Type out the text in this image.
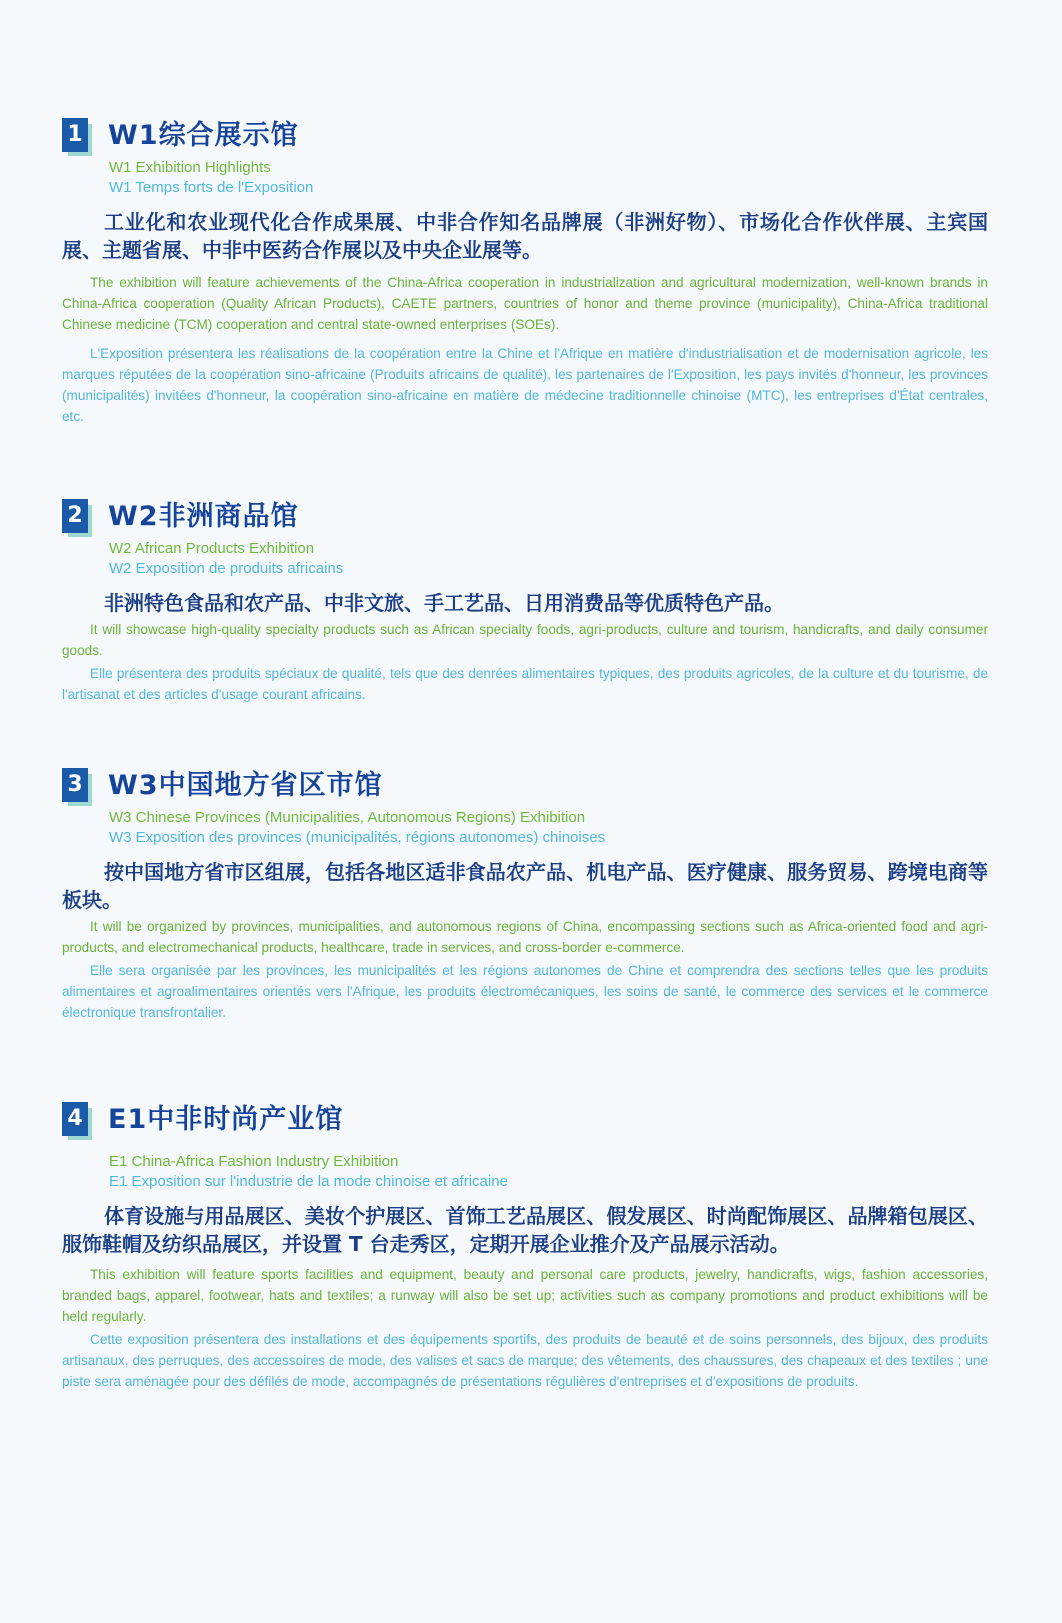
1 W1综合展示馆
W1 Exhibition Highlights
W1 Temps forts de l'Exposition
工业化和农业现代化合作成果展、中非合作知名品牌展（非洲好物）、市场化合作伙伴展、主宾国展、主题省展、中非中医药合作展以及中央企业展等。
The exhibition will feature achievements of the China-Africa cooperation in industrialization and agricultural modernization, well-known brands in China-Africa cooperation (Quality African Products), CAETE partners, countries of honor and theme province (municipality), China-Africa traditional Chinese medicine (TCM) cooperation and central state-owned enterprises (SOEs).
L'Exposition présentera les réalisations de la coopération entre la Chine et l'Afrique en matière d'industrialisation et de modernisation agricole, les marques réputées de la coopération sino-africaine (Produits africains de qualité), les partenaires de l'Exposition, les pays invités d'honneur, les provinces (municipalités) invitées d'honneur, la coopération sino-africaine en matière de médecine traditionnelle chinoise (MTC), les entreprises d'État centrales, etc.
2 W2非洲商品馆
W2 African Products Exhibition
W2 Exposition de produits africains
非洲特色食品和农产品、中非文旅、手工艺品、日用消费品等优质特色产品。
It will showcase high-quality specialty products such as African specialty foods, agri-products, culture and tourism, handicrafts, and daily consumer goods.
Elle présentera des produits spéciaux de qualité, tels que des denrées alimentaires typiques, des produits agricoles, de la culture et du tourisme, de l'artisanat et des articles d'usage courant africains.
3 W3中国地方省区市馆
W3 Chinese Provinces (Municipalities, Autonomous Regions) Exhibition
W3 Exposition des provinces (municipalités, régions autonomes) chinoises
按中国地方省市区组展，包括各地区适非食品农产品、机电产品、医疗健康、服务贸易、跨境电商等板块。
It will be organized by provinces, municipalities, and autonomous regions of China, encompassing sections such as Africa-oriented food and agri-products, and electromechanical products, healthcare, trade in services, and cross-border e-commerce.
Elle sera organisée par les provinces, les municipalités et les régions autonomes de Chine et comprendra des sections telles que les produits alimentaires et agroalimentaires orientés vers l'Afrique, les produits électromécaniques, les soins de santé, le commerce des services et le commerce électronique transfrontalier.
4 E1中非时尚产业馆
E1 China-Africa Fashion Industry Exhibition
E1 Exposition sur l'industrie de la mode chinoise et africaine
体育设施与用品展区、美妆个护展区、首饰工艺品展区、假发展区、时尚配饰展区、品牌箱包展区、服饰鞋帽及纺织品展区，并设置 T 台走秀区，定期开展企业推介及产品展示活动。
This exhibition will feature sports facilities and equipment, beauty and personal care products, jewelry, handicrafts, wigs, fashion accessories, branded bags, apparel, footwear, hats and textiles; a runway will also be set up; activities such as company promotions and product exhibitions will be held regularly.
Cette exposition présentera des installations et des équipements sportifs, des produits de beauté et de soins personnels, des bijoux, des produits artisanaux, des perruques, des accessoires de mode, des valises et sacs de marque; des vêtements, des chaussures, des chapeaux et des textiles ; une piste sera aménagée pour des défilés de mode, accompagnés de présentations régulières d'entreprises et d'expositions de produits.
